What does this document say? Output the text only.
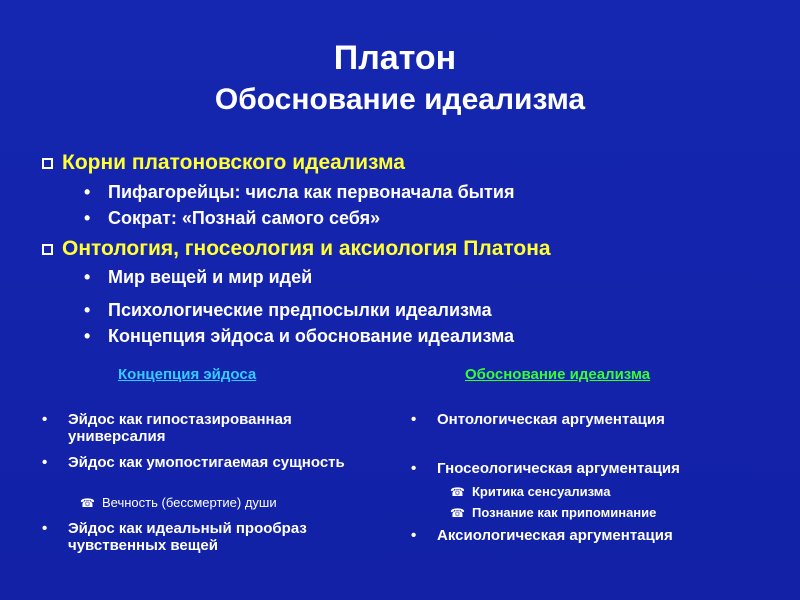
Платон
Обоснование идеализма
Корни платоновского идеализма
• Пифагорейцы: числа как первоначала бытия
• Сократ: «Познай самого себя»
Онтология, гносеология и аксиология Платона
• Мир вещей и мир идей
• Психологические предпосылки идеализма
• Концепция эйдоса и обоснование идеализма
Концепция эйдоса	Обоснование идеализма
• Эйдос как гипостазированная универсалия
• Эйдос как умопостигаемая сущность
☎ Вечность (бессмертие) души
• Эйдос как идеальный прообраз чувственных вещей
• Онтологическая аргументация
• Гносеологическая аргументация
☎ Критика сенсуализма
☎ Познание как припоминание
• Аксиологическая аргументация
